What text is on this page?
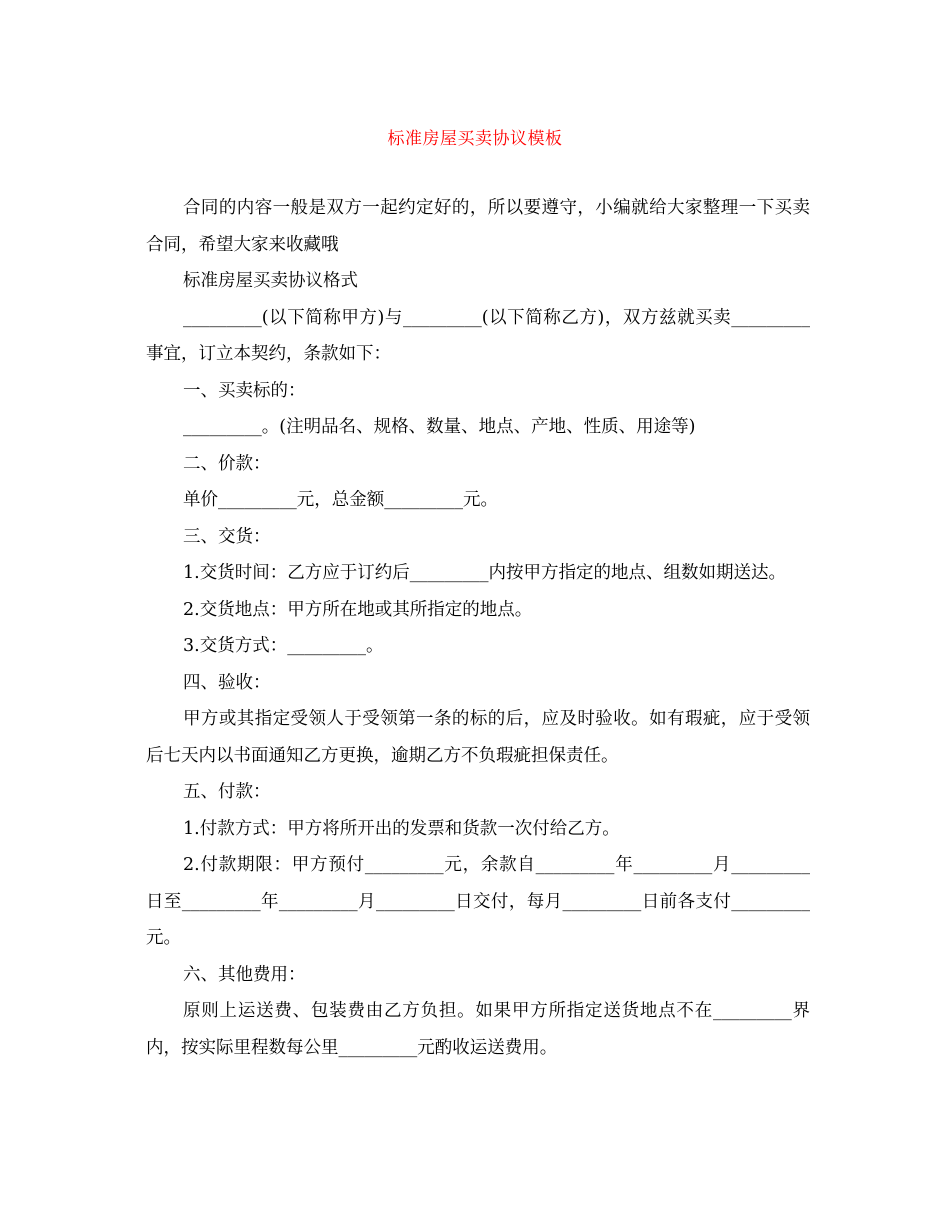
标准房屋买卖协议模板

合同的内容一般是双方一起约定好的，所以要遵守，小编就给大家整理一下买卖合同，希望大家来收藏哦

标准房屋买卖协议格式

_________(以下简称甲方)与_________(以下简称乙方)，双方兹就买卖_________事宜，订立本契约，条款如下：

一、买卖标的：

_________。(注明品名、规格、数量、地点、产地、性质、用途等)

二、价款：

单价_________元，总金额_________元。

三、交货：

1.交货时间：乙方应于订约后_________内按甲方指定的地点、组数如期送达。

2.交货地点：甲方所在地或其所指定的地点。

3.交货方式：_________。

四、验收：

甲方或其指定受领人于受领第一条的标的后，应及时验收。如有瑕疵，应于受领后七天内以书面通知乙方更换，逾期乙方不负瑕疵担保责任。

五、付款：

1.付款方式：甲方将所开出的发票和货款一次付给乙方。

2.付款期限：甲方预付_________元，余款自_________年_________月_________日至_________年_________月_________日交付，每月_________日前各支付_________元。

六、其他费用：

原则上运送费、包装费由乙方负担。如果甲方所指定送货地点不在_________界内，按实际里程数每公里_________元酌收运送费用。
